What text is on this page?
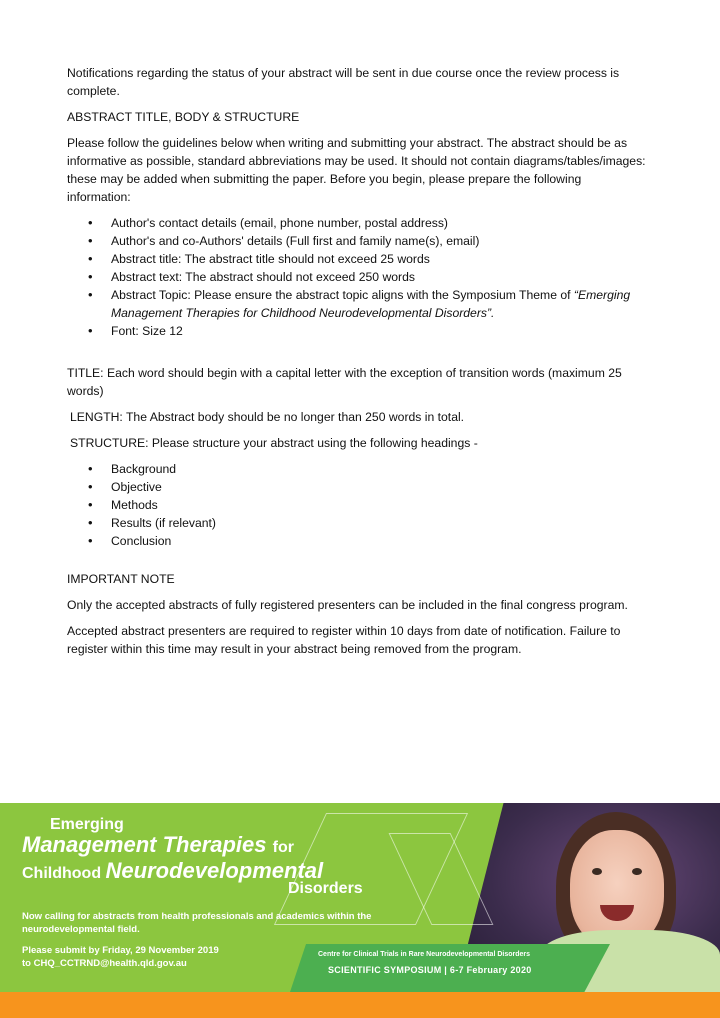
Notifications regarding the status of your abstract will be sent in due course once the review process is complete.

ABSTRACT TITLE, BODY & STRUCTURE

Please follow the guidelines below when writing and submitting your abstract. The abstract should be as informative as possible, standard abbreviations may be used. It should not contain diagrams/tables/images: these may be added when submitting the paper. Before you begin, please prepare the following information:

• Author's contact details (email, phone number, postal address)
• Author's and co-Authors' details (Full first and family name(s), email)
• Abstract title: The abstract title should not exceed 25 words
• Abstract text: The abstract should not exceed 250 words
• Abstract Topic: Please ensure the abstract topic aligns with the Symposium Theme of “Emerging Management Therapies for Childhood Neurodevelopmental Disorders”.
• Font: Size 12

TITLE: Each word should begin with a capital letter with the exception of transition words (maximum 25 words)

LENGTH: The Abstract body should be no longer than 250 words in total.

STRUCTURE: Please structure your abstract using the following headings -

• Background
• Objective
• Methods
• Results (if relevant)
• Conclusion

IMPORTANT NOTE

Only the accepted abstracts of fully registered presenters can be included in the final congress program.

Accepted abstract presenters are required to register within 10 days from date of notification. Failure to register within this time may result in your abstract being removed from the program.

Emerging
Management Therapies for
Childhood Neurodevelopmental
Disorders
Now calling for abstracts from health professionals and academics within the neurodevelopmental field.
Please submit by Friday, 29 November 2019
to CHQ_CCTRND@health.qld.gov.au
Centre for Clinical Trials in Rare Neurodevelopmental Disorders
SCIENTIFIC SYMPOSIUM | 6-7 February 2020
